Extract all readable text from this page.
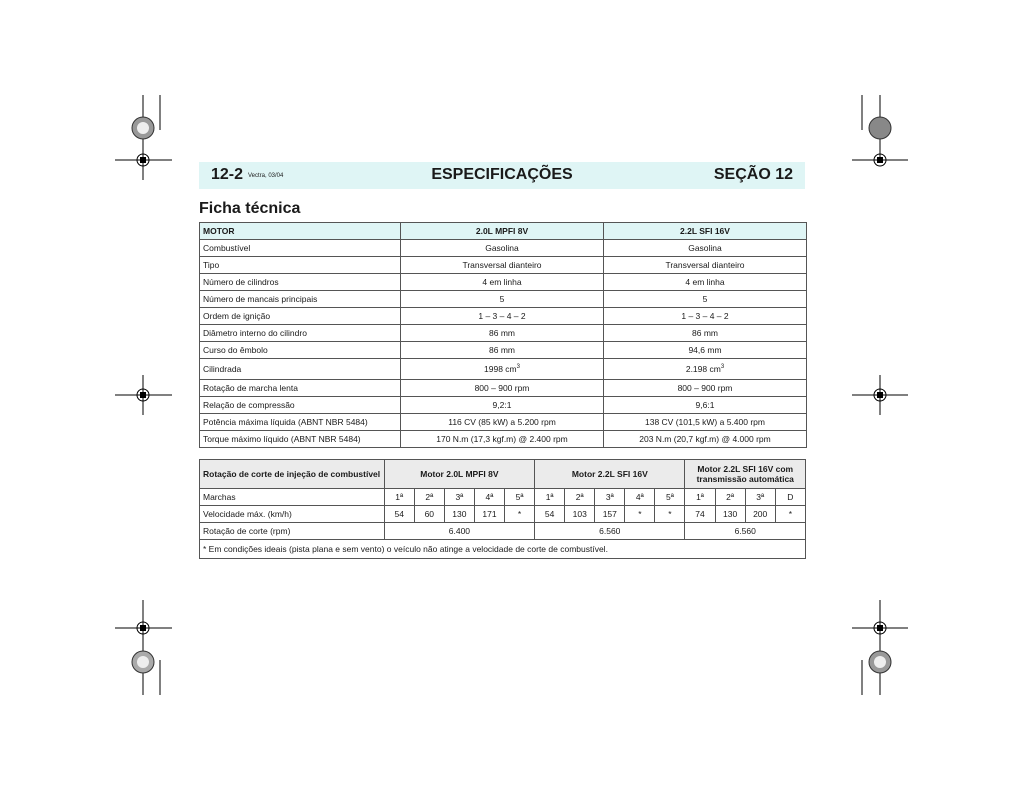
12-2 Vectra, 03/04	ESPECIFICAÇÕES	SEÇÃO 12
Ficha técnica
MOTOR	2.0L MPFI 8V	2.2L SFI 16V
Combustível	Gasolina	Gasolina
Tipo	Transversal dianteiro	Transversal dianteiro
Número de cilindros	4 em linha	4 em linha
Número de mancais principais	5	5
Ordem de ignição	1 – 3 – 4 – 2	1 – 3 – 4 – 2
Diâmetro interno do cilindro	86 mm	86 mm
Curso do êmbolo	86 mm	94,6 mm
Cilindrada	1998 $cm^3$	2.198 $cm^3$
Rotação de marcha lenta	800 – 900 rpm	800 – 900 rpm
Relação de compressão	9,2:1	9,6:1
Potência máxima líquida (ABNT NBR 5484)	116 CV (85 kW) a 5.200 rpm	138 CV (101,5 kW) a 5.400 rpm
Torque máximo líquido (ABNT NBR 5484)	170 N.m (17,3 kgf.m) @ 2.400 rpm	203 N.m (20,7 kgf.m) @ 4.000 rpm
Rotação de corte de injeção de combustível	Motor 2.0L MPFI 8V					Motor 2.2L SFI 16V					Motor 2.2L SFI 16V com transmissão automática			
Marchas	1ª	2ª	3ª	4ª	5ª	1ª	2ª	3ª	4ª	5ª	1ª	2ª	3ª	D
Velocidade máx. (km/h)	54	60	130	171	*	54	103	157	*	*	74	130	200	*
Rotação de corte (rpm)	6.400					6.560					6.560			
* Em condições ideais (pista plana e sem vento) o veículo não atinge a velocidade de corte de combustível.														
